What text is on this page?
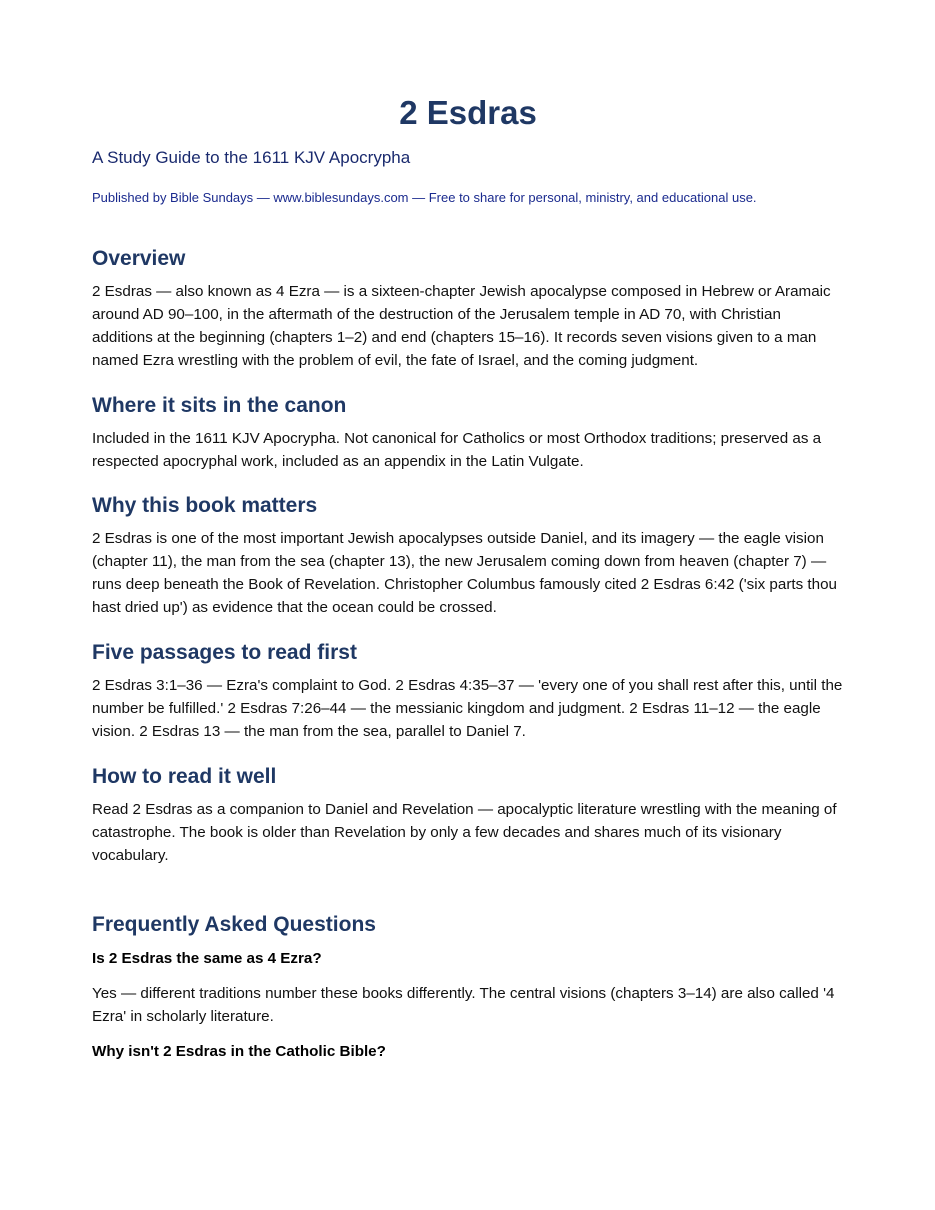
2 Esdras

A Study Guide to the 1611 KJV Apocrypha

Published by Bible Sundays — www.biblesundays.com — Free to share for personal, ministry, and educational use.

Overview

2 Esdras — also known as 4 Ezra — is a sixteen-chapter Jewish apocalypse composed in Hebrew or Aramaic around AD 90–100, in the aftermath of the destruction of the Jerusalem temple in AD 70, with Christian additions at the beginning (chapters 1–2) and end (chapters 15–16). It records seven visions given to a man named Ezra wrestling with the problem of evil, the fate of Israel, and the coming judgment.

Where it sits in the canon

Included in the 1611 KJV Apocrypha. Not canonical for Catholics or most Orthodox traditions; preserved as a respected apocryphal work, included as an appendix in the Latin Vulgate.

Why this book matters

2 Esdras is one of the most important Jewish apocalypses outside Daniel, and its imagery — the eagle vision (chapter 11), the man from the sea (chapter 13), the new Jerusalem coming down from heaven (chapter 7) — runs deep beneath the Book of Revelation. Christopher Columbus famously cited 2 Esdras 6:42 ('six parts thou hast dried up') as evidence that the ocean could be crossed.

Five passages to read first

2 Esdras 3:1–36 — Ezra's complaint to God. 2 Esdras 4:35–37 — 'every one of you shall rest after this, until the number be fulfilled.' 2 Esdras 7:26–44 — the messianic kingdom and judgment. 2 Esdras 11–12 — the eagle vision. 2 Esdras 13 — the man from the sea, parallel to Daniel 7.

How to read it well

Read 2 Esdras as a companion to Daniel and Revelation — apocalyptic literature wrestling with the meaning of catastrophe. The book is older than Revelation by only a few decades and shares much of its visionary vocabulary.

Frequently Asked Questions

Is 2 Esdras the same as 4 Ezra?

Yes — different traditions number these books differently. The central visions (chapters 3–14) are also called '4 Ezra' in scholarly literature.

Why isn't 2 Esdras in the Catholic Bible?
